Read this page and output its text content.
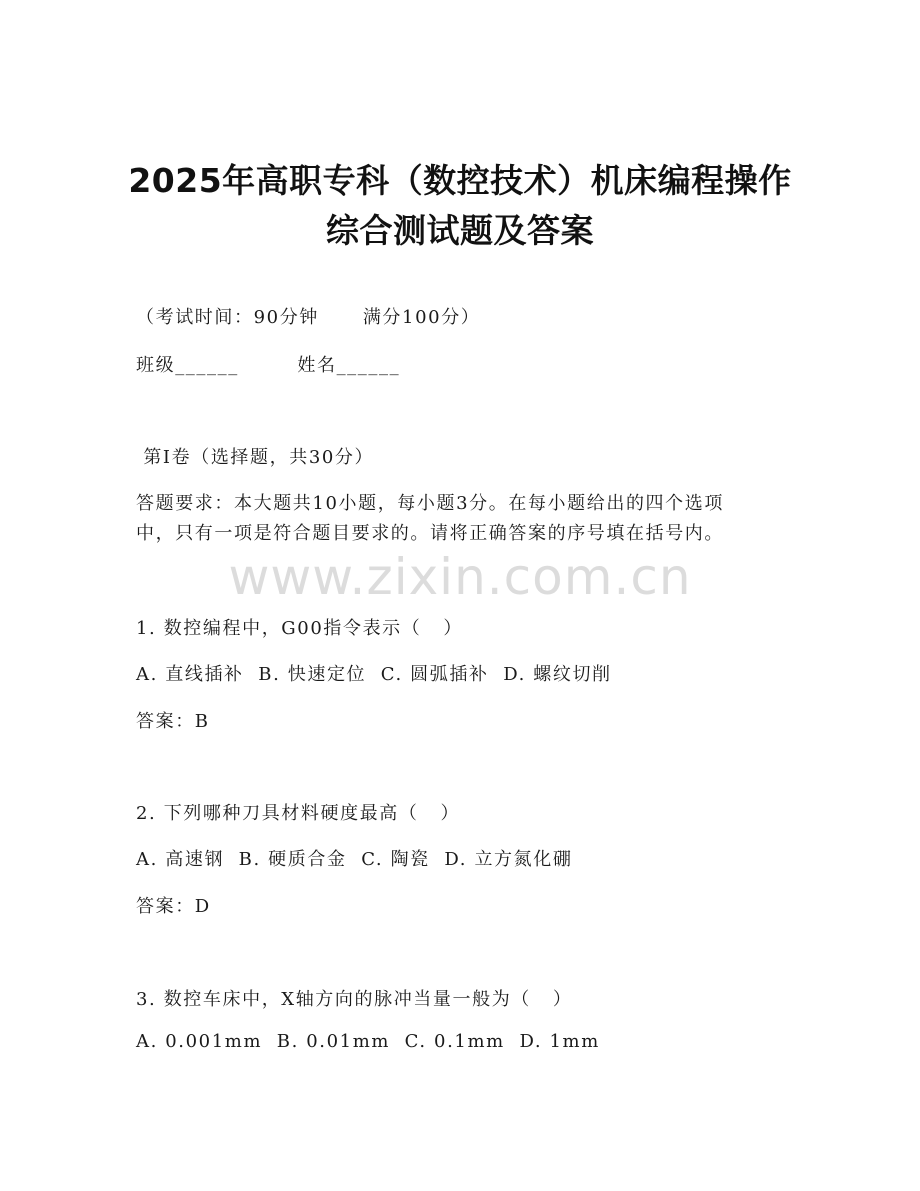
2025年高职专科（数控技术）机床编程操作
综合测试题及答案
（考试时间：90分钟      满分100分）
班级______        姓名______
第Ⅰ卷（选择题，共30分）
答题要求：本大题共10小题，每小题3分。在每小题给出的四个选项
中，只有一项是符合题目要求的。请将正确答案的序号填在括号内。
www.zixin.com.cn
1. 数控编程中，G00指令表示（   ）
A. 直线插补  B. 快速定位  C. 圆弧插补  D. 螺纹切削
答案：B
2. 下列哪种刀具材料硬度最高（   ）
A. 高速钢  B. 硬质合金  C. 陶瓷  D. 立方氮化硼
答案：D
3. 数控车床中，X轴方向的脉冲当量一般为（   ）
A. 0.001mm  B. 0.01mm  C. 0.1mm  D. 1mm
